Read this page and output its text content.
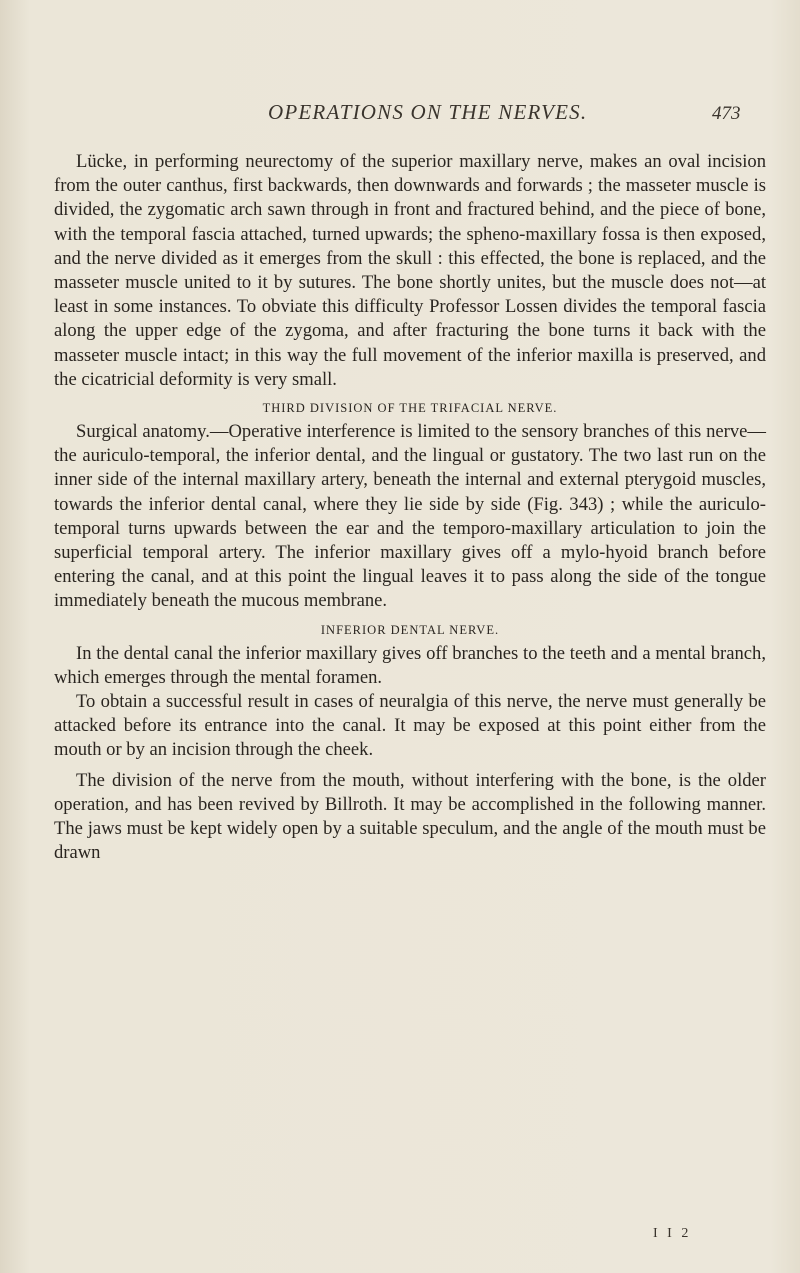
OPERATIONS ON THE NERVES.	473

Lücke, in performing neurectomy of the superior maxillary nerve, makes an oval incision from the outer canthus, first backwards, then downwards and forwards ; the masseter muscle is divided, the zygomatic arch sawn through in front and fractured behind, and the piece of bone, with the temporal fascia attached, turned upwards; the spheno-maxillary fossa is then exposed, and the nerve divided as it emerges from the skull : this effected, the bone is replaced, and the masseter muscle united to it by sutures. The bone shortly unites, but the muscle does not—at least in some instances. To obviate this difficulty Professor Lossen divides the temporal fascia along the upper edge of the zygoma, and after fracturing the bone turns it back with the masseter muscle intact; in this way the full movement of the inferior maxilla is preserved, and the cicatricial deformity is very small.

THIRD DIVISION OF THE TRIFACIAL NERVE.

Surgical anatomy.—Operative interference is limited to the sensory branches of this nerve—the auriculo-temporal, the inferior dental, and the lingual or gustatory. The two last run on the inner side of the internal maxillary artery, beneath the internal and external pterygoid muscles, towards the inferior dental canal, where they lie side by side (Fig. 343) ; while the auriculo-temporal turns upwards between the ear and the temporo-maxillary articulation to join the superficial temporal artery. The inferior maxillary gives off a mylo-hyoid branch before entering the canal, and at this point the lingual leaves it to pass along the side of the tongue immediately beneath the mucous membrane.

INFERIOR DENTAL NERVE.

In the dental canal the inferior maxillary gives off branches to the teeth and a mental branch, which emerges through the mental foramen.

To obtain a successful result in cases of neuralgia of this nerve, the nerve must generally be attacked before its entrance into the canal. It may be exposed at this point either from the mouth or by an incision through the cheek.

The division of the nerve from the mouth, without interfering with the bone, is the older operation, and has been revived by Billroth. It may be accomplished in the following manner. The jaws must be kept widely open by a suitable speculum, and the angle of the mouth must be drawn

I I 2
